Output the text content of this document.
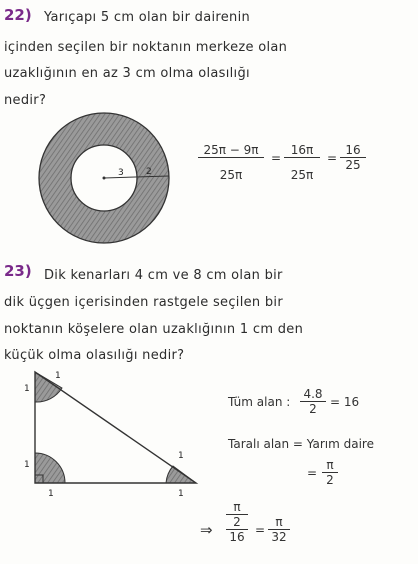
22) Yarıçapı 5 cm olan bir dairenin
içinden seçilen bir noktanın merkeze olan
uzaklığının en az 3 cm olma olasılığı
nedir?
3 2	$\frac{25\pi - 9\pi}{25\pi} = \frac{16\pi}{25\pi} = \frac{16}{25}$
23) Dik kenarları 4 cm ve 8 cm olan bir
dik üçgen içerisinden rastgele seçilen bir
noktanın köşelere olan uzaklığının 1 cm den
küçük olma olasılığı nedir?
1
1
1
1
1
1
Tüm alan : $\frac{4.8}{2} = 16$
Taralı alan = Yarım daire
= $\frac{\pi}{2}$
⇒
π
2
$16 = \frac{\pi}{32}$
